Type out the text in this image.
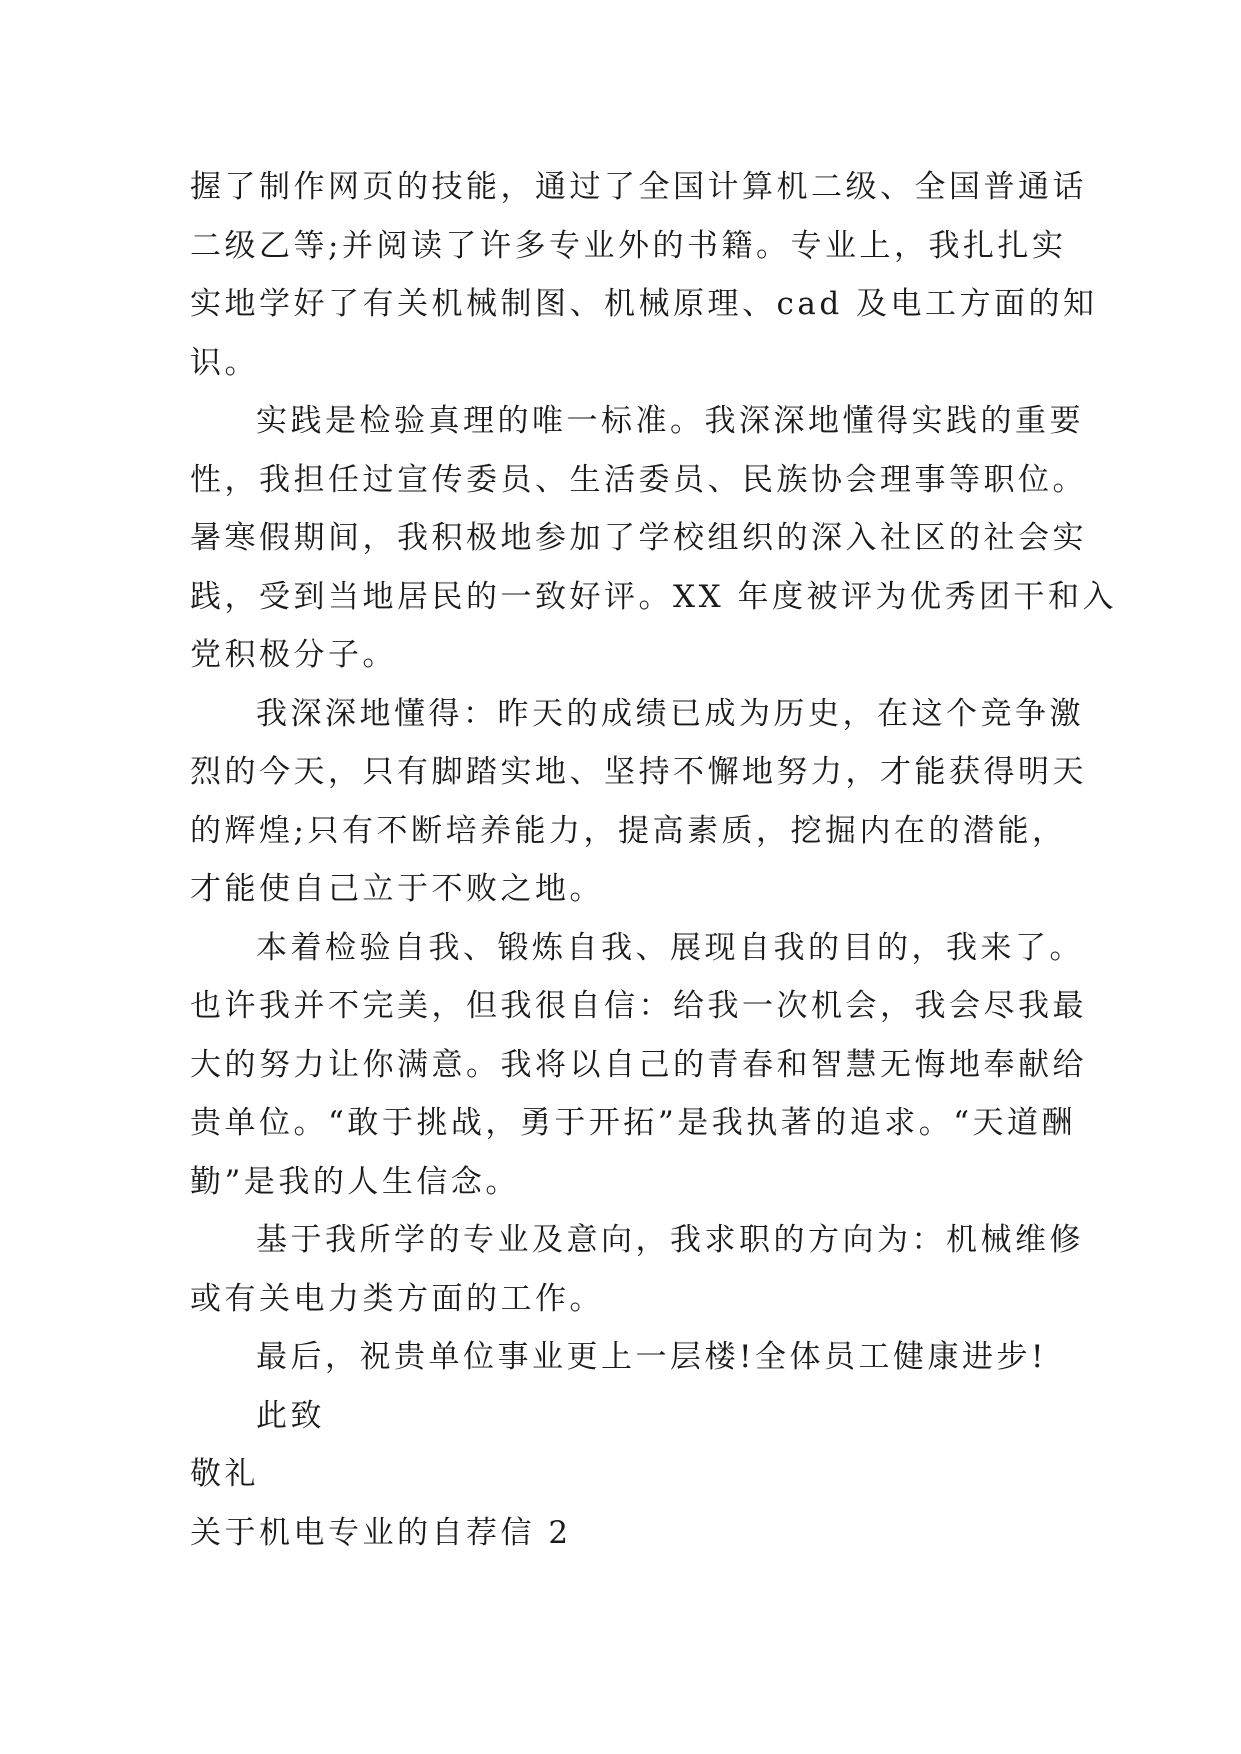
握了制作网页的技能，通过了全国计算机二级、全国普通话
二级乙等;并阅读了许多专业外的书籍。专业上，我扎扎实
实地学好了有关机械制图、机械原理、cad 及电工方面的知
识。

实践是检验真理的唯一标准。我深深地懂得实践的重要
性，我担任过宣传委员、生活委员、民族协会理事等职位。
暑寒假期间，我积极地参加了学校组织的深入社区的社会实
践，受到当地居民的一致好评。XX 年度被评为优秀团干和入
党积极分子。

我深深地懂得：昨天的成绩已成为历史，在这个竞争激
烈的今天，只有脚踏实地、坚持不懈地努力，才能获得明天
的辉煌;只有不断培养能力，提高素质，挖掘内在的潜能，
才能使自己立于不败之地。

本着检验自我、锻炼自我、展现自我的目的，我来了。
也许我并不完美，但我很自信：给我一次机会，我会尽我最
大的努力让你满意。我将以自己的青春和智慧无悔地奉献给
贵单位。“敢于挑战，勇于开拓”是我执著的追求。“天道酬
勤”是我的人生信念。

基于我所学的专业及意向，我求职的方向为：机械维修
或有关电力类方面的工作。

最后，祝贵单位事业更上一层楼!全体员工健康进步!

此致

敬礼

关于机电专业的自荐信 2
